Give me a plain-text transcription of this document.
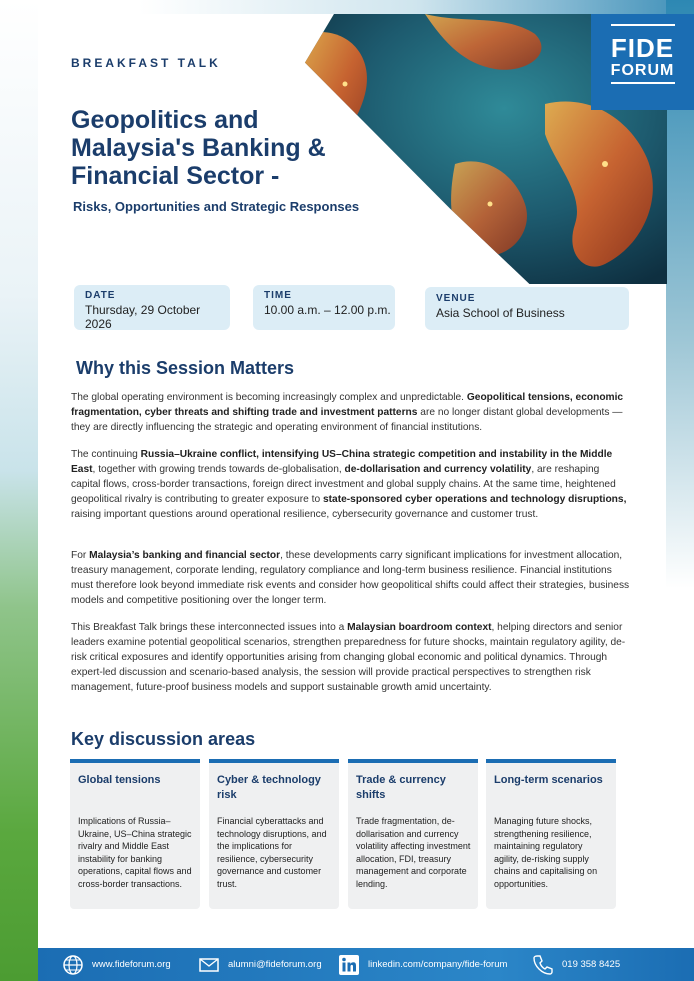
FIDE
FORUM
BREAKFAST TALK
Geopolitics and Malaysia's Banking & Financial Sector -
Risks, Opportunities and Strategic Responses
DATE
Thursday, 29 October 2026
TIME
10.00 a.m. – 12.00 p.m.
VENUE
Asia School of Business
Why this Session Matters

The global operating environment is becoming increasingly complex and unpredictable. Geopolitical tensions, economic fragmentation, cyber threats and shifting trade and investment patterns are no longer distant global developments — they are directly influencing the strategic and operating environment of financial institutions.

The continuing Russia–Ukraine conflict, intensifying US–China strategic competition and instability in the Middle East, together with growing trends towards de-globalisation, de-dollarisation and currency volatility, are reshaping capital flows, cross-border transactions, foreign direct investment and global supply chains. At the same time, heightened geopolitical rivalry is contributing to greater exposure to state-sponsored cyber operations and technology disruptions, raising important questions around operational resilience, cybersecurity governance and customer trust.

For Malaysia’s banking and financial sector, these developments carry significant implications for investment allocation, treasury management, corporate lending, regulatory compliance and long-term business resilience. Financial institutions must therefore look beyond immediate risk events and consider how geopolitical shifts could affect their strategies, business models and competitive positioning over the longer term.

This Breakfast Talk brings these interconnected issues into a Malaysian boardroom context, helping directors and senior leaders examine potential geopolitical scenarios, strengthen preparedness for future shocks, maintain regulatory agility, de-risk critical exposures and identify opportunities arising from changing global economic and political dynamics. Through expert-led discussion and scenario-based analysis, the session will provide practical perspectives to strengthen risk management, future-proof business models and support sustainable growth amid uncertainty.

Key discussion areas
Global tensions
Implications of Russia–Ukraine, US–China strategic rivalry and Middle East instability for banking operations, capital flows and cross-border transactions.
Cyber & technology risk
Financial cyberattacks and technology disruptions, and the implications for resilience, cybersecurity governance and customer trust.
Trade & currency shifts
Trade fragmentation, de-dollarisation and currency volatility affecting investment allocation, FDI, treasury management and corporate lending.
Long-term scenarios
Managing future shocks, strengthening resilience, maintaining regulatory agility, de-risking supply chains and capitalising on opportunities.
www.fideforum.org	alumni@fideforum.org	linkedin.com/company/fide-forum	019 358 8425
